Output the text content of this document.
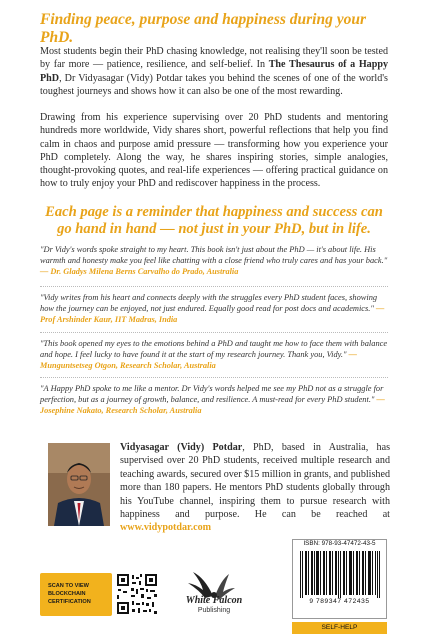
Finding peace, purpose and happiness during your PhD.

Most students begin their PhD chasing knowledge, not realising they'll soon be tested by far more — patience, resilience, and self-belief. In The Thesaurus of a Happy PhD, Dr Vidyasagar (Vidy) Potdar takes you behind the scenes of one of the world's toughest journeys and shows how it can also be one of the most rewarding.

Drawing from his experience supervising over 20 PhD students and mentoring hundreds more worldwide, Vidy shares short, powerful reflections that help you find calm in chaos and purpose amid pressure — transforming how you experience your PhD completely. Along the way, he shares inspiring stories, simple analogies, thought-provoking quotes, and real-life experiences — offering practical guidance on how to truly enjoy your PhD and rediscover happiness in the process.

Each page is a reminder that happiness and success can go hand in hand — not just in your PhD, but in life.
"Dr Vidy's words spoke straight to my heart. This book isn't just about the PhD — it's about life. His warmth and honesty make you feel like chatting with a close friend who truly cares and has your back." — Dr. Gladys Milena Berns Carvalho do Prado, Australia
"Vidy writes from his heart and connects deeply with the struggles every PhD student faces, showing how the journey can be enjoyed, not just endured. Equally good read for post docs and academics." — Prof Arshinder Kaur, IIT Madras, India
"This book opened my eyes to the emotions behind a PhD and taught me how to face them with balance and hope. I feel lucky to have found it at the start of my research journey. Thank you, Vidy." — Munguntsetseg Otgon, Research Scholar, Australia
"A Happy PhD spoke to me like a mentor. Dr Vidy's words helped me see my PhD not as a struggle for perfection, but as a journey of growth, balance, and resilience. A must-read for every PhD student." — Josephine Nakato, Research Scholar, Australia
Vidyasagar (Vidy) Potdar, PhD, based in Australia, has supervised over 20 PhD students, received multiple research and teaching awards, secured over $15 million in grants, and published more than 180 papers. He mentors PhD students globally through his YouTube channel, inspiring them to pursue research with happiness and purpose. He can be reached at www.vidypotdar.com
SCAN TO VIEW BLOCKCHAIN CERTIFICATION	White Falcon
Publishing
ISBN: 978-93-47472-43-5
9 789347 472435
SELF-HELP
